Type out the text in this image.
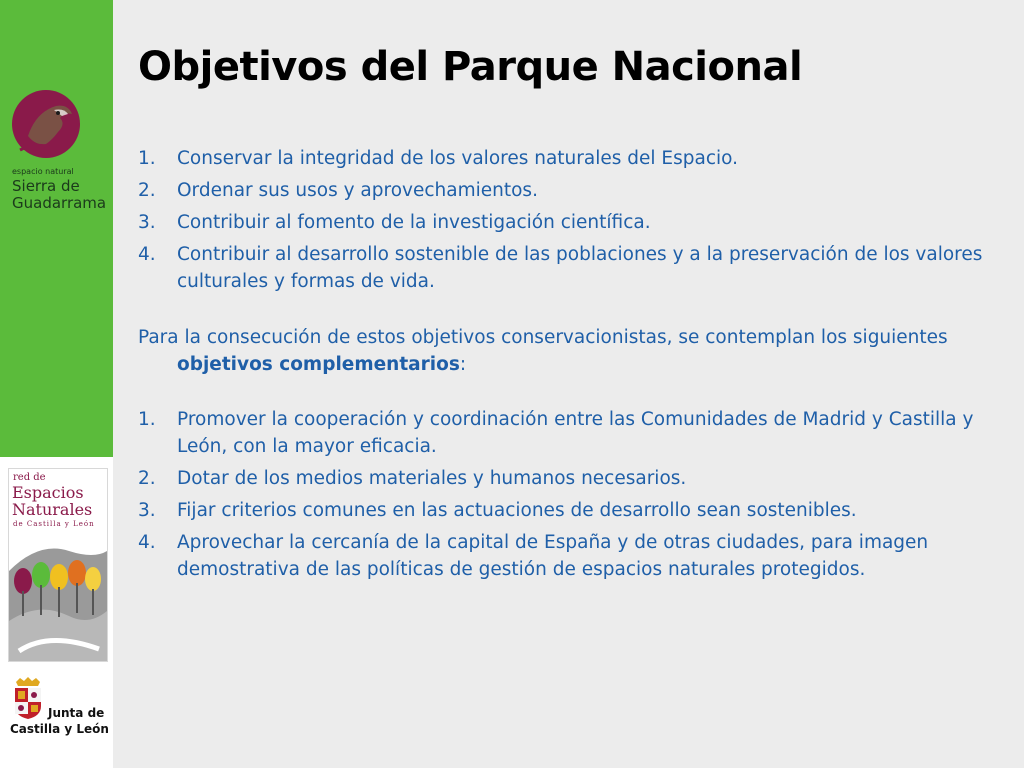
espacio natural
Sierra de
Guadarrama
red de
Espacios
Naturales
de Castilla y León
Junta de
Castilla y León
Objetivos del Parque Nacional
1. Conservar la integridad de los valores naturales del Espacio.
2. Ordenar sus usos y aprovechamientos.
3. Contribuir al fomento de la investigación científica.
4. Contribuir al desarrollo sostenible de las poblaciones y a la preservación de los valores culturales y formas de vida.

Para la consecución de estos objetivos conservacionistas, se contemplan los siguientes objetivos complementarios:

1. Promover la cooperación y coordinación entre las Comunidades de Madrid y Castilla y León, con la mayor eficacia.
2. Dotar de los medios materiales y humanos necesarios.
3. Fijar criterios comunes en las actuaciones de desarrollo sean sostenibles.
4. Aprovechar la cercanía de la capital de España y de otras ciudades, para imagen demostrativa de las políticas de gestión de espacios naturales protegidos.
